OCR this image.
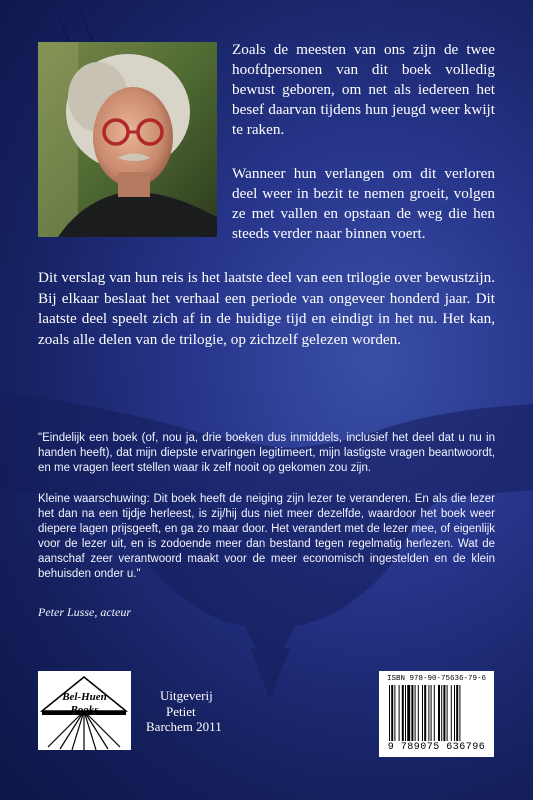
Zoals de meesten van ons zijn de twee hoofdpersonen van dit boek volledig bewust geboren, om net als iedereen het besef daarvan tijdens hun jeugd weer kwijt te raken.

Wanneer hun verlangen om dit verloren deel weer in bezit te nemen groeit, volgen ze met vallen en opstaan de weg die hen steeds verder naar binnen voert.

Dit verslag van hun reis is het laatste deel van een trilogie over bewustzijn. Bij elkaar beslaat het verhaal een periode van ongeveer honderd jaar. Dit laatste deel speelt zich af in de huidige tijd en eindigt in het nu. Het kan, zoals alle delen van de trilogie, op zichzelf gelezen worden.

"Eindelijk een boek (of, nou ja, drie boeken dus inmiddels, inclusief het deel dat u nu in handen heeft), dat mijn diepste ervaringen legitimeert, mijn lastigste vragen beantwoordt, en me vragen leert stellen waar ik zelf nooit op gekomen zou zijn.

Kleine waarschuwing: Dit boek heeft de neiging zijn lezer te veranderen. En als die lezer het dan na een tijdje herleest, is zij/hij dus niet meer dezelfde, waardoor het boek weer diepere lagen prijsgeeft, en ga zo maar door. Het verandert met de lezer mee, of eigenlijk voor de lezer uit, en is zodoende meer dan bestand tegen regelmatig herlezen. Wat de aanschaf zeer verantwoord maakt voor de meer economisch ingestelden en de klein behuisden onder u."

Peter Lusse, acteur

Bel-Huen
Books
Uitgeverij
Petiet
Barchem 2011
ISBN 978-90-75636-79-6
9 789075 636796
